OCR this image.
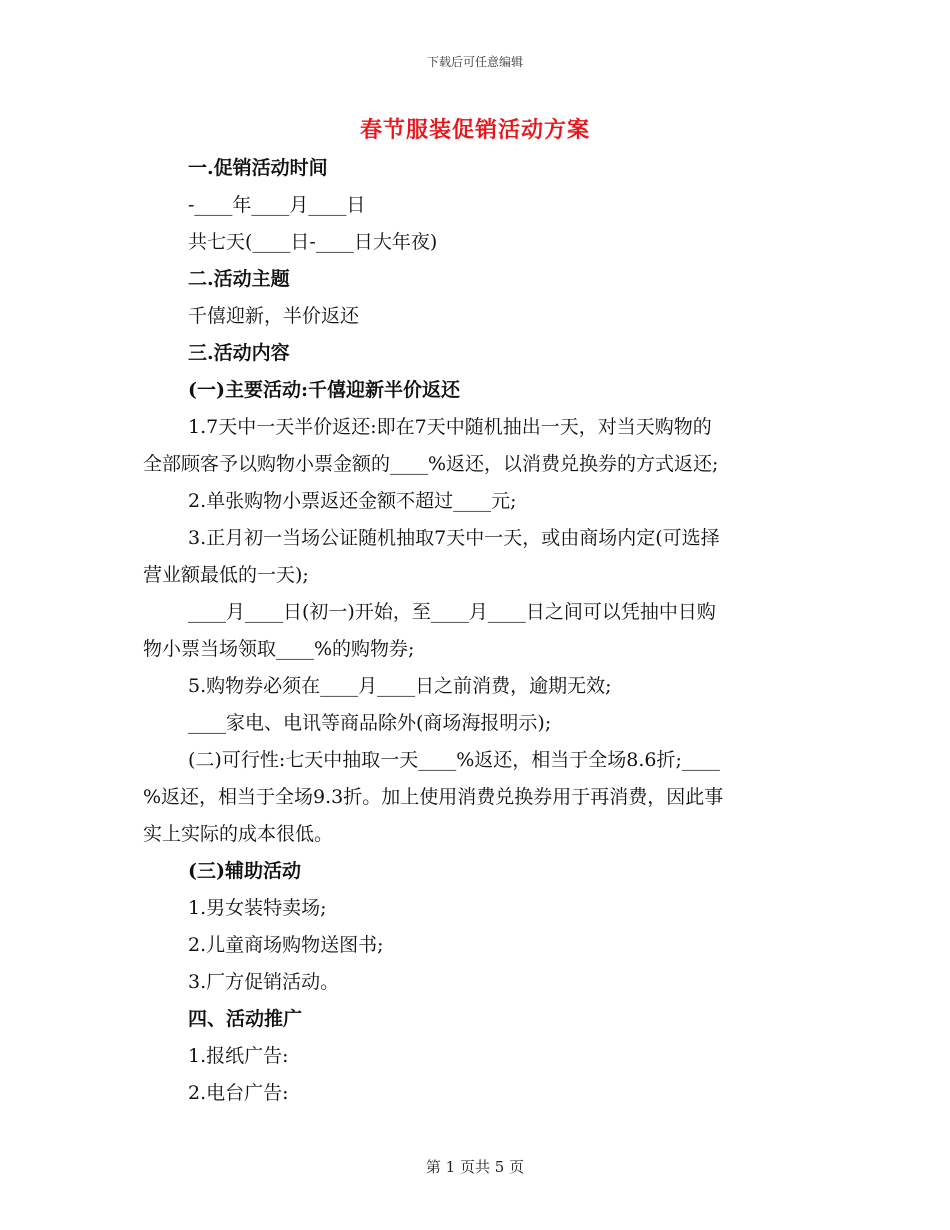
下载后可任意编辑
春节服装促销活动方案
一.促销活动时间
-____年____月____日
共七天(____日-____日大年夜)
二.活动主题
千僖迎新，半价返还
三.活动内容
(一)主要活动:千僖迎新半价返还
1.7天中一天半价返还:即在7天中随机抽出一天，对当天购物的
全部顾客予以购物小票金额的____%返还，以消费兑换券的方式返还;
2.单张购物小票返还金额不超过____元;
3.正月初一当场公证随机抽取7天中一天，或由商场内定(可选择
营业额最低的一天);
____月____日(初一)开始，至____月____日之间可以凭抽中日购
物小票当场领取____%的购物券;
5.购物券必须在____月____日之前消费，逾期无效;
____家电、电讯等商品除外(商场海报明示);
(二)可行性:七天中抽取一天____%返还，相当于全场8.6折;____
%返还，相当于全场9.3折。加上使用消费兑换券用于再消费，因此事
实上实际的成本很低。
(三)辅助活动
1.男女装特卖场;
2.儿童商场购物送图书;
3.厂方促销活动。
四、活动推广
1.报纸广告:
2.电台广告:
第 1 页共 5 页
